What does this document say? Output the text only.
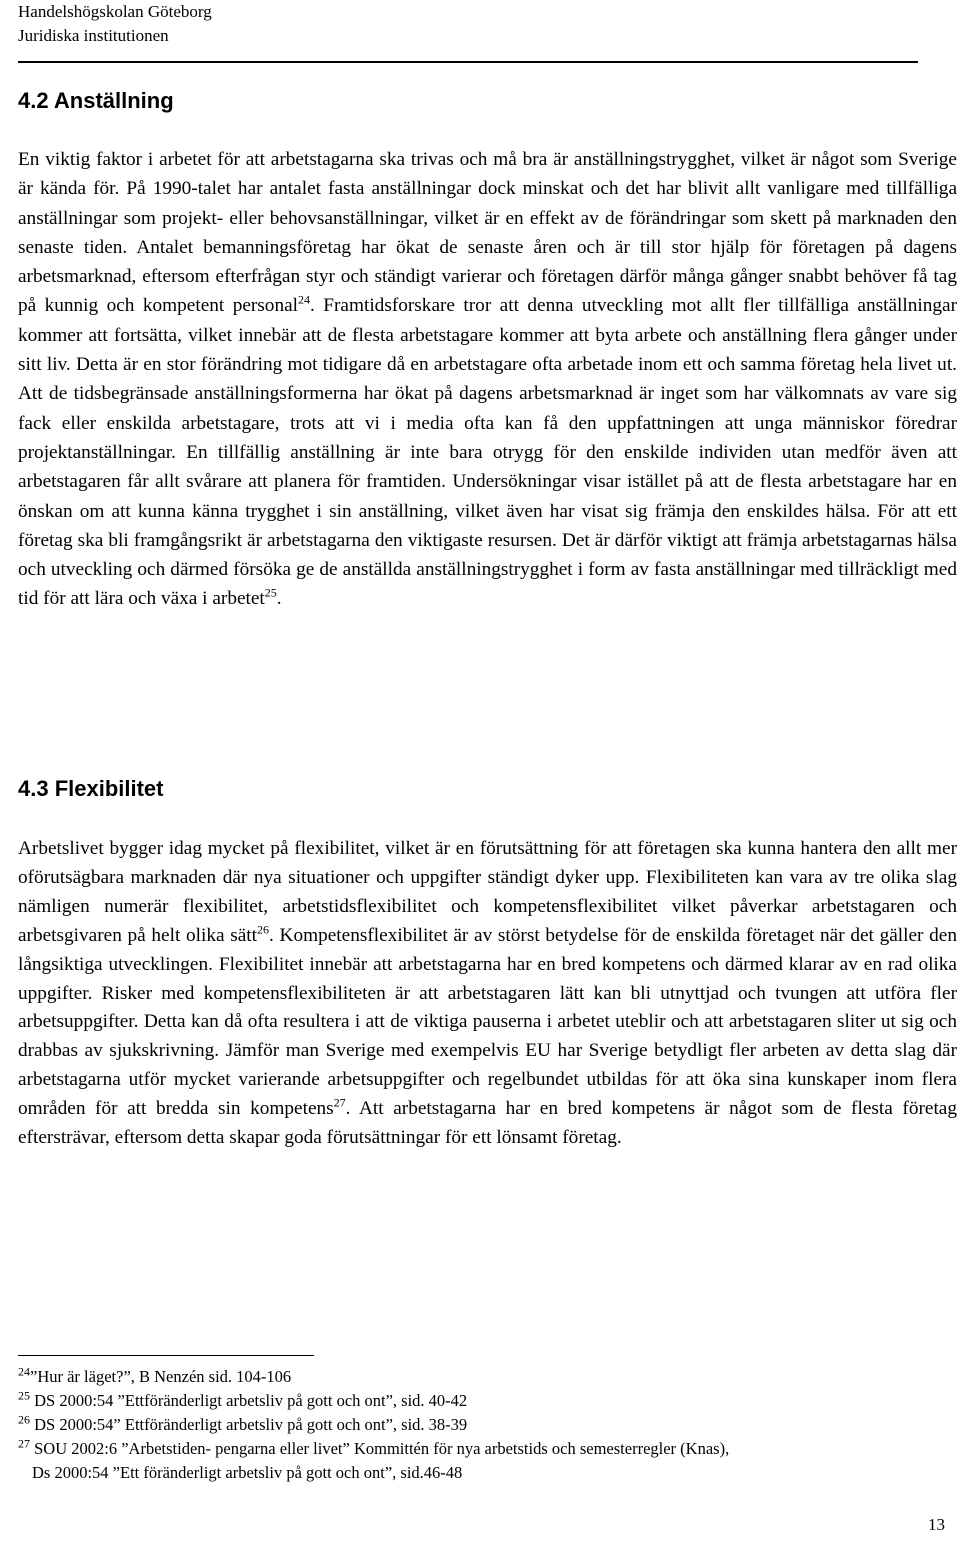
Handelshögskolan Göteborg
Juridiska institutionen
4.2 Anställning

En viktig faktor i arbetet för att arbetstagarna ska trivas och må bra är anställningstrygghet, vilket är något som Sverige är kända för. På 1990-talet har antalet fasta anställningar dock minskat och det har blivit allt vanligare med tillfälliga anställningar som projekt- eller behovsanställningar, vilket är en effekt av de förändringar som skett på marknaden den senaste tiden. Antalet bemanningsföretag har ökat de senaste åren och är till stor hjälp för företagen på dagens arbetsmarknad, eftersom efterfrågan styr och ständigt varierar och företagen därför många gånger snabbt behöver få tag på kunnig och kompetent personal$^{24}$. Framtidsforskare tror att denna utveckling mot allt fler tillfälliga anställningar kommer att fortsätta, vilket innebär att de flesta arbetstagare kommer att byta arbete och anställning flera gånger under sitt liv. Detta är en stor förändring mot tidigare då en arbetstagare ofta arbetade inom ett och samma företag hela livet ut. Att de tidsbegränsade anställningsformerna har ökat på dagens arbetsmarknad är inget som har välkomnats av vare sig fack eller enskilda arbetstagare, trots att vi i media ofta kan få den uppfattningen att unga människor föredrar projektanställningar. En tillfällig anställning är inte bara otrygg för den enskilde individen utan medför även att arbetstagaren får allt svårare att planera för framtiden. Undersökningar visar istället på att de flesta arbetstagare har en önskan om att kunna känna trygghet i sin anställning, vilket även har visat sig främja den enskildes hälsa. För att ett företag ska bli framgångsrikt är arbetstagarna den viktigaste resursen. Det är därför viktigt att främja arbetstagarnas hälsa och utveckling och därmed försöka ge de anställda anställningstrygghet i form av fasta anställningar med tillräckligt med tid för att lära och växa i arbetet$^{25}$.

4.3 Flexibilitet

Arbetslivet bygger idag mycket på flexibilitet, vilket är en förutsättning för att företagen ska kunna hantera den allt mer oförutsägbara marknaden där nya situationer och uppgifter ständigt dyker upp. Flexibiliteten kan vara av tre olika slag nämligen numerär flexibilitet, arbetstidsflexibilitet och kompetensflexibilitet vilket påverkar arbetstagaren och arbetsgivaren på helt olika sätt$^{26}$. Kompetensflexibilitet är av störst betydelse för de enskilda företaget när det gäller den långsiktiga utvecklingen. Flexibilitet innebär att arbetstagarna har en bred kompetens och därmed klarar av en rad olika uppgifter. Risker med kompetensflexibiliteten är att arbetstagaren lätt kan bli utnyttjad och tvungen att utföra fler arbetsuppgifter. Detta kan då ofta resultera i att de viktiga pauserna i arbetet uteblir och att arbetstagaren sliter ut sig och drabbas av sjukskrivning. Jämför man Sverige med exempelvis EU har Sverige betydligt fler arbeten av detta slag där arbetstagarna utför mycket varierande arbetsuppgifter och regelbundet utbildas för att öka sina kunskaper inom flera områden för att bredda sin kompetens$^{27}$. Att arbetstagarna har en bred kompetens är något som de flesta företag eftersträvar, eftersom detta skapar goda förutsättningar för ett lönsamt företag.

$^{24}$”Hur är läget?”, B Nenzén sid. 104-106

$^{25}$ DS 2000:54 ”Ettföränderligt arbetsliv på gott och ont”, sid. 40-42

$^{26}$ DS 2000:54” Ettföränderligt arbetsliv på gott och ont”, sid. 38-39

$^{27}$ SOU 2002:6 ”Arbetstiden- pengarna eller livet” Kommittén för nya arbetstids och semesterregler (Knas),
Ds 2000:54 ”Ett föränderligt arbetsliv på gott och ont”, sid.46-48

13
